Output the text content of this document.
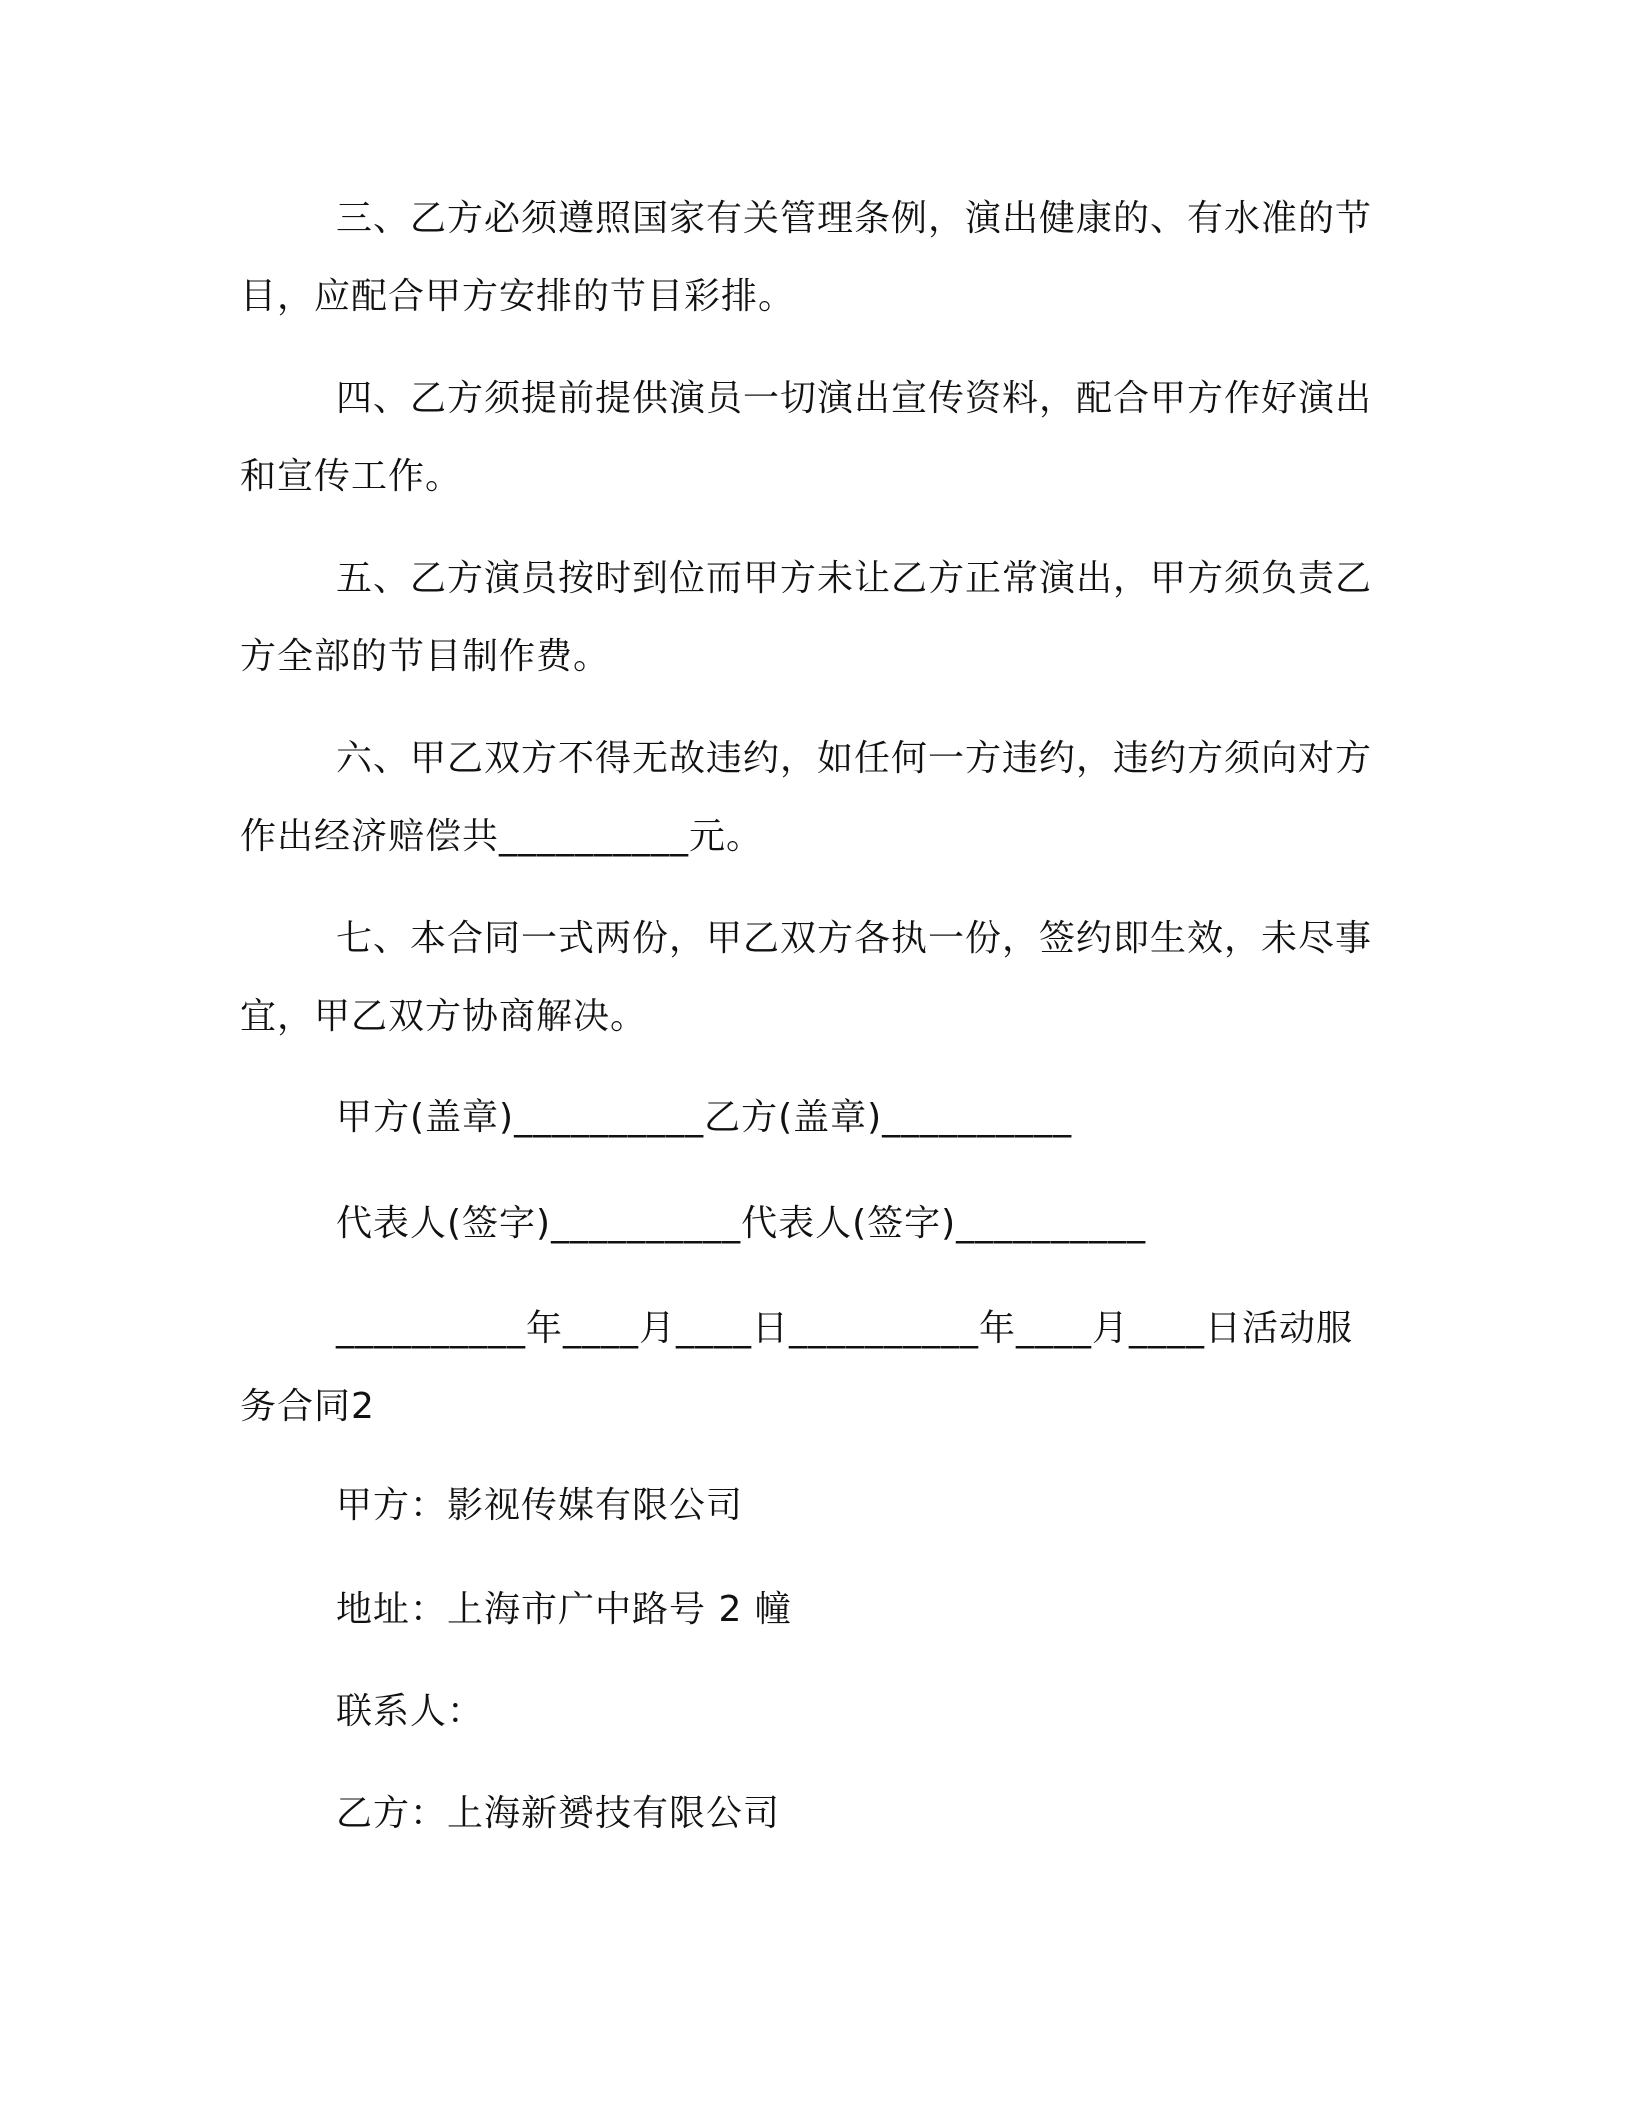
三、乙方必须遵照国家有关管理条例，演出健康的、有水准的节目，应配合甲方安排的节目彩排。

四、乙方须提前提供演员一切演出宣传资料，配合甲方作好演出和宣传工作。

五、乙方演员按时到位而甲方未让乙方正常演出，甲方须负责乙方全部的节目制作费。

六、甲乙双方不得无故违约，如任何一方违约，违约方须向对方作出经济赔偿共__________元。

七、本合同一式两份，甲乙双方各执一份，签约即生效，未尽事宜，甲乙双方协商解决。

甲方(盖章)__________乙方(盖章)__________

代表人(签字)__________代表人(签字)__________

__________年____月____日__________年____月____日活动服务合同2

甲方：影视传媒有限公司

地址：上海市广中路号 2 幢

联系人：

乙方：上海新赟技有限公司
